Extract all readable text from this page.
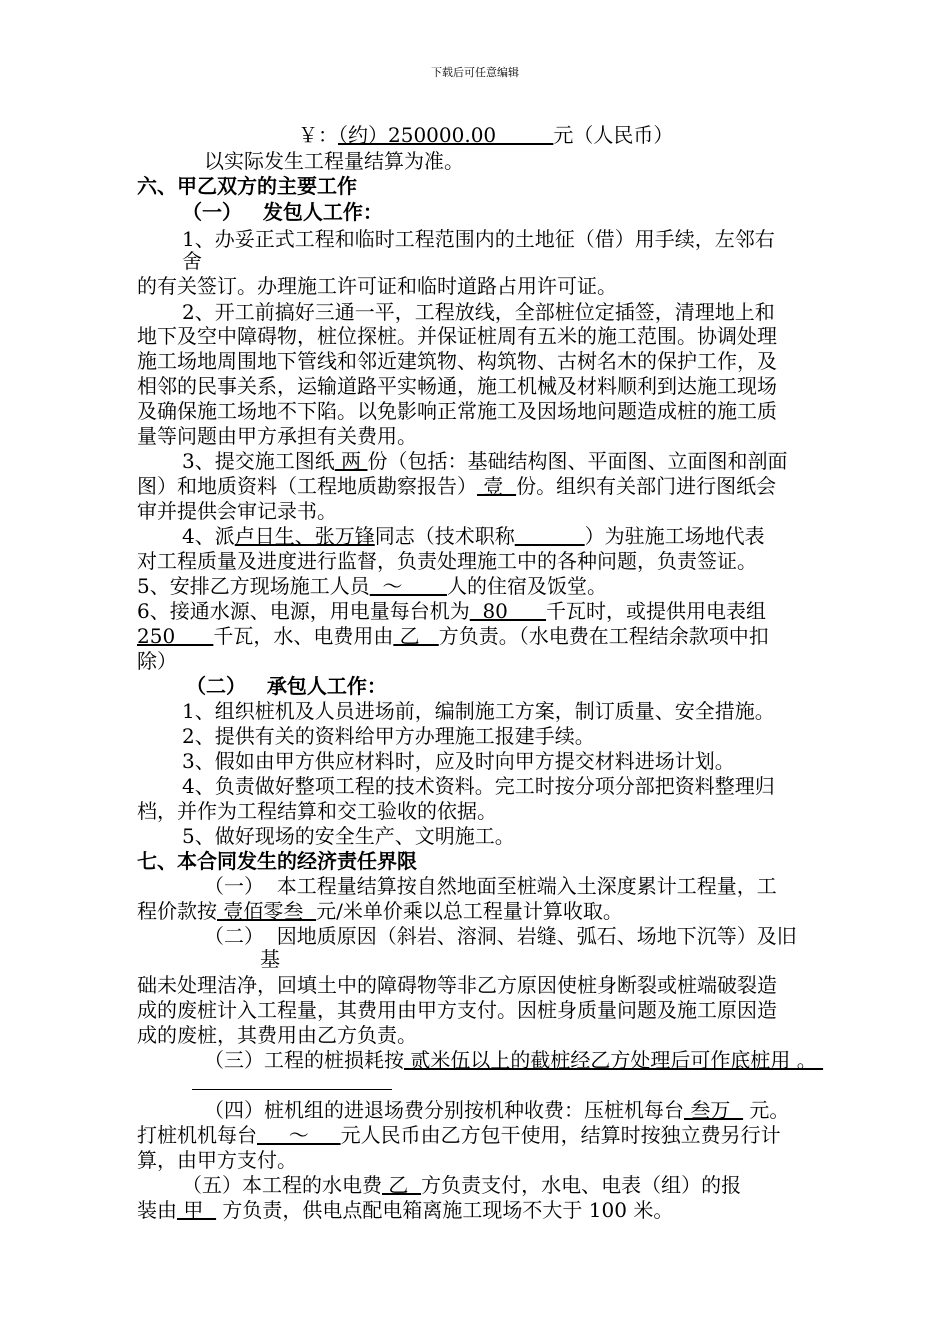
下载后可任意编辑
￥：（约）250000.00         元（人民币）
以实际发生工程量结算为准。
六、甲乙双方的主要工作
（一）   发包人工作：
1、办妥正式工程和临时工程范围内的土地征（借）用手续，左邻右
舍
的有关签订。办理施工许可证和临时道路占用许可证。
2、开工前搞好三通一平，工程放线，全部桩位定插签，清理地上和
地下及空中障碍物，桩位探桩。并保证桩周有五米的施工范围。协调处理
施工场地周围地下管线和邻近建筑物、构筑物、古树名木的保护工作，及
相邻的民事关系，运输道路平实畅通，施工机械及材料顺利到达施工现场
及确保施工场地不下陷。以免影响正常施工及因场地问题造成桩的施工质
量等问题由甲方承担有关费用。
3、提交施工图纸 两 份（包括：基础结构图、平面图、立面图和剖面
图）和地质资料（工程地质勘察报告） 壹  份。组织有关部门进行图纸会
审并提供会审记录书。
4、派卢日生、张万锋同志（技术职称	）为驻施工场地代表
对工程质量及进度进行监督，负责处理施工中的各种问题，负责签证。
5、安排乙方现场施工人员  ～       人的住宿及饭堂。
6、接通水源、电源，用电量每台机为  80      千瓦时，或提供用电表组
250      千瓦，水、电费用由 乙   方负责。（水电费在工程结余款项中扣
除）
（二）   承包人工作：
1、组织桩机及人员进场前，编制施工方案，制订质量、安全措施。
2、提供有关的资料给甲方办理施工报建手续。
3、假如由甲方供应材料时，应及时向甲方提交材料进场计划。
4、负责做好整项工程的技术资料。完工时按分项分部把资料整理归
档，并作为工程结算和交工验收的依据。
5、做好现场的安全生产、文明施工。
七、本合同发生的经济责任界限
（一）  本工程量结算按自然地面至桩端入土深度累计工程量，工
程价款按 壹佰零叁  元/米单价乘以总工程量计算收取。
（二）  因地质原因（斜岩、溶洞、岩缝、弧石、场地下沉等）及旧
基
础未处理洁净，回填土中的障碍物等非乙方原因使桩身断裂或桩端破裂造
成的废桩计入工程量，其费用由甲方支付。因桩身质量问题及施工原因造
成的废桩，其费用由乙方负责。
（三）工程的桩损耗按 贰米伍以上的截桩经乙方处理后可作底桩用 。
（四）桩机组的进退场费分别按机种收费：压桩机每台 叁万   元。
打桩机机每台     ～     元人民币由乙方包干使用，结算时按独立费另行计
算，由甲方支付。
（五）本工程的水电费 乙  方负责支付，水电、电表（组）的报
装由 甲   方负责，供电点配电箱离施工现场不大于 100 米。
